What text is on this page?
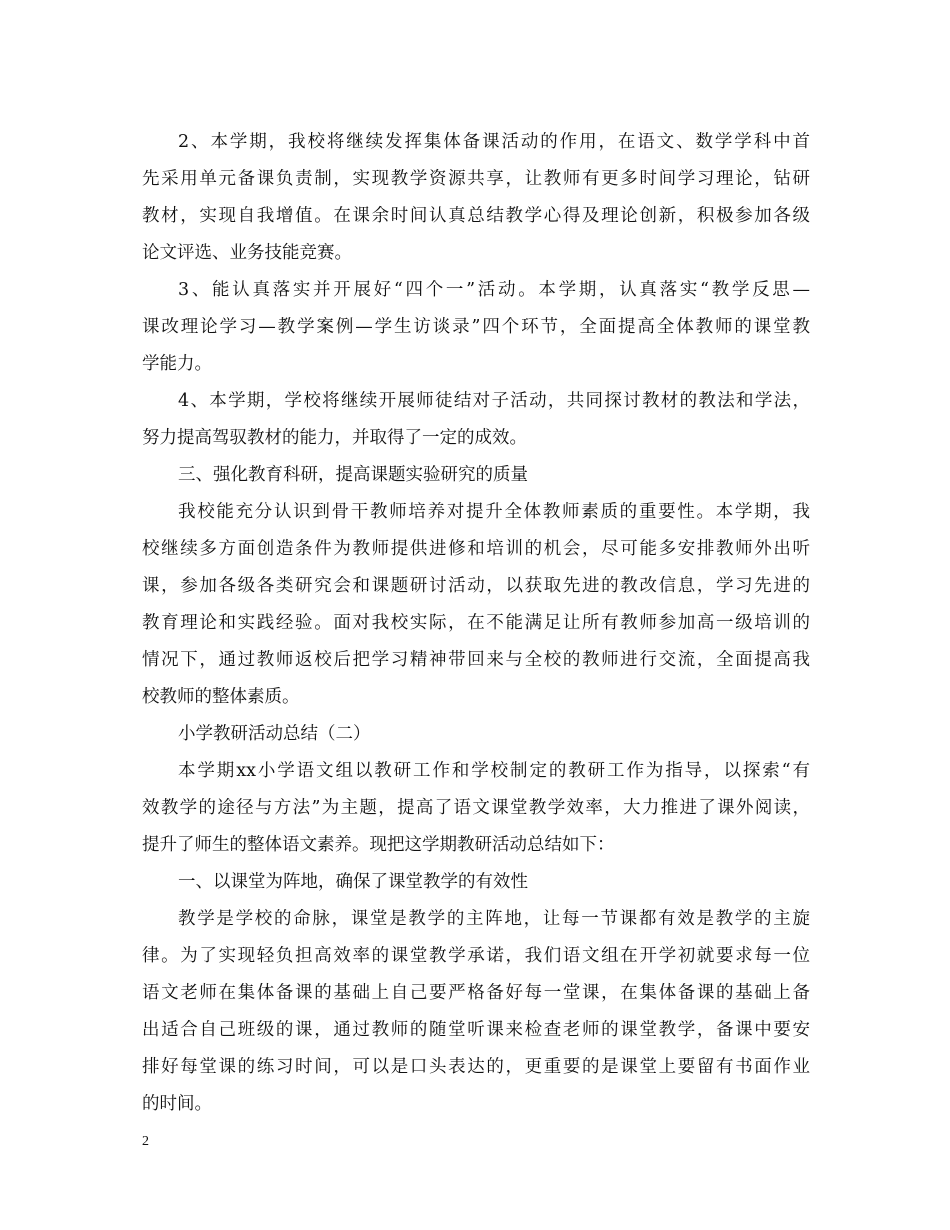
2、本学期，我校将继续发挥集体备课活动的作用，在语文、数学学科中首
先采用单元备课负责制，实现教学资源共享，让教师有更多时间学习理论，钻研
教材，实现自我增值。在课余时间认真总结教学心得及理论创新，积极参加各级
论文评选、业务技能竞赛。
3、能认真落实并开展好“四个一”活动。本学期，认真落实“教学反思—
课改理论学习—教学案例—学生访谈录”四个环节，全面提高全体教师的课堂教
学能力。
4、本学期，学校将继续开展师徒结对子活动，共同探讨教材的教法和学法，
努力提高驾驭教材的能力，并取得了一定的成效。
三、强化教育科研，提高课题实验研究的质量
我校能充分认识到骨干教师培养对提升全体教师素质的重要性。本学期，我
校继续多方面创造条件为教师提供进修和培训的机会，尽可能多安排教师外出听
课，参加各级各类研究会和课题研讨活动，以获取先进的教改信息，学习先进的
教育理论和实践经验。面对我校实际，在不能满足让所有教师参加高一级培训的
情况下，通过教师返校后把学习精神带回来与全校的教师进行交流，全面提高我
校教师的整体素质。
小学教研活动总结（二）
本学期xx小学语文组以教研工作和学校制定的教研工作为指导，以探索“有
效教学的途径与方法”为主题，提高了语文课堂教学效率，大力推进了课外阅读，
提升了师生的整体语文素养。现把这学期教研活动总结如下：
一、以课堂为阵地，确保了课堂教学的有效性
教学是学校的命脉，课堂是教学的主阵地，让每一节课都有效是教学的主旋
律。为了实现轻负担高效率的课堂教学承诺，我们语文组在开学初就要求每一位
语文老师在集体备课的基础上自己要严格备好每一堂课，在集体备课的基础上备
出适合自己班级的课，通过教师的随堂听课来检查老师的课堂教学，备课中要安
排好每堂课的练习时间，可以是口头表达的，更重要的是课堂上要留有书面作业
的时间。
2
